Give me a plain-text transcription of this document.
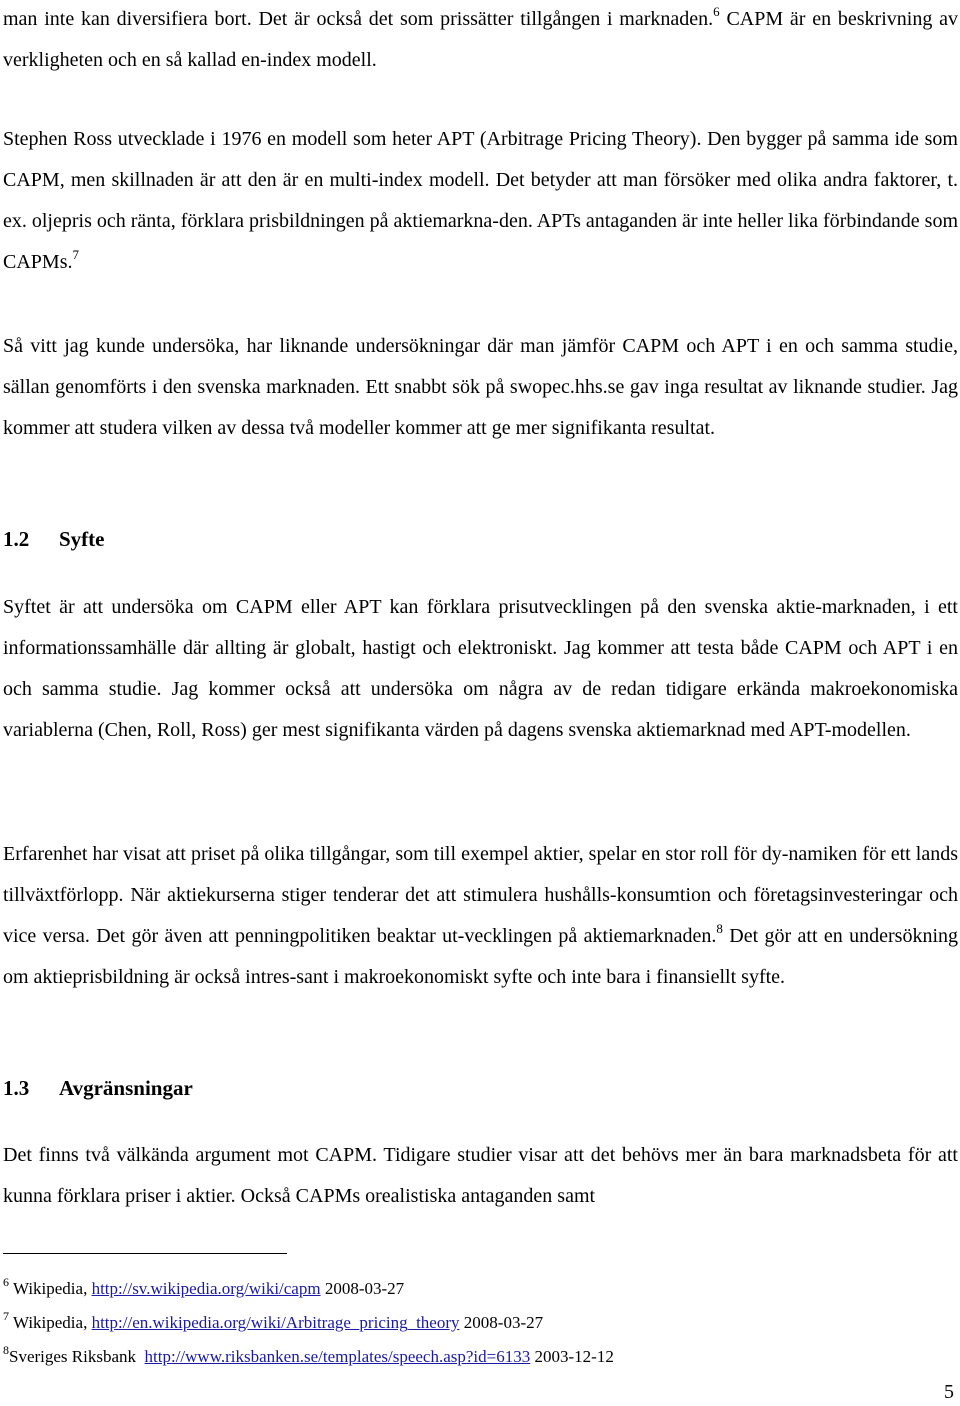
man inte kan diversifiera bort. Det är också det som prissätter tillgången i marknaden.$^6$ CAPM är en beskrivning av verkligheten och en så kallad en-index modell.

Stephen Ross utvecklade i 1976 en modell som heter APT (Arbitrage Pricing Theory). Den bygger på samma ide som CAPM, men skillnaden är att den är en multi-index modell. Det betyder att man försöker med olika andra faktorer, t. ex. oljepris och ränta, förklara prisbildningen på aktiemarkna-den. APTs antaganden är inte heller lika förbindande som CAPMs.$^7$

Så vitt jag kunde undersöka, har liknande undersökningar där man jämför CAPM och APT i en och samma studie, sällan genomförts i den svenska marknaden. Ett snabbt sök på swopec.hhs.se gav inga resultat av liknande studier. Jag kommer att studera vilken av dessa två modeller kommer att ge mer signifikanta resultat.

1.2 Syfte

Syftet är att undersöka om CAPM eller APT kan förklara prisutvecklingen på den svenska aktie-marknaden, i ett informationssamhälle där allting är globalt, hastigt och elektroniskt. Jag kommer att testa både CAPM och APT i en och samma studie. Jag kommer också att undersöka om några av de redan tidigare erkända makroekonomiska variablerna (Chen, Roll, Ross) ger mest signifikanta värden på dagens svenska aktiemarknad med APT-modellen.

Erfarenhet har visat att priset på olika tillgångar, som till exempel aktier, spelar en stor roll för dy-namiken för ett lands tillväxtförlopp. När aktiekurserna stiger tenderar det att stimulera hushålls-konsumtion och företagsinvesteringar och vice versa. Det gör även att penningpolitiken beaktar ut-vecklingen på aktiemarknaden.$^8$ Det gör att en undersökning om aktieprisbildning är också intres-sant i makroekonomiskt syfte och inte bara i finansiellt syfte.

1.3 Avgränsningar

Det finns två välkända argument mot CAPM. Tidigare studier visar att det behövs mer än bara marknadsbeta för att kunna förklara priser i aktier. Också CAPMs orealistiska antaganden samt

$^6$ Wikipedia, http://sv.wikipedia.org/wiki/capm 2008-03-27

$^7$ Wikipedia, http://en.wikipedia.org/wiki/Arbitrage_pricing_theory 2008-03-27

$^8$Sveriges Riksbank http://www.riksbanken.se/templates/speech.asp?id=6133 2003-12-12

5
